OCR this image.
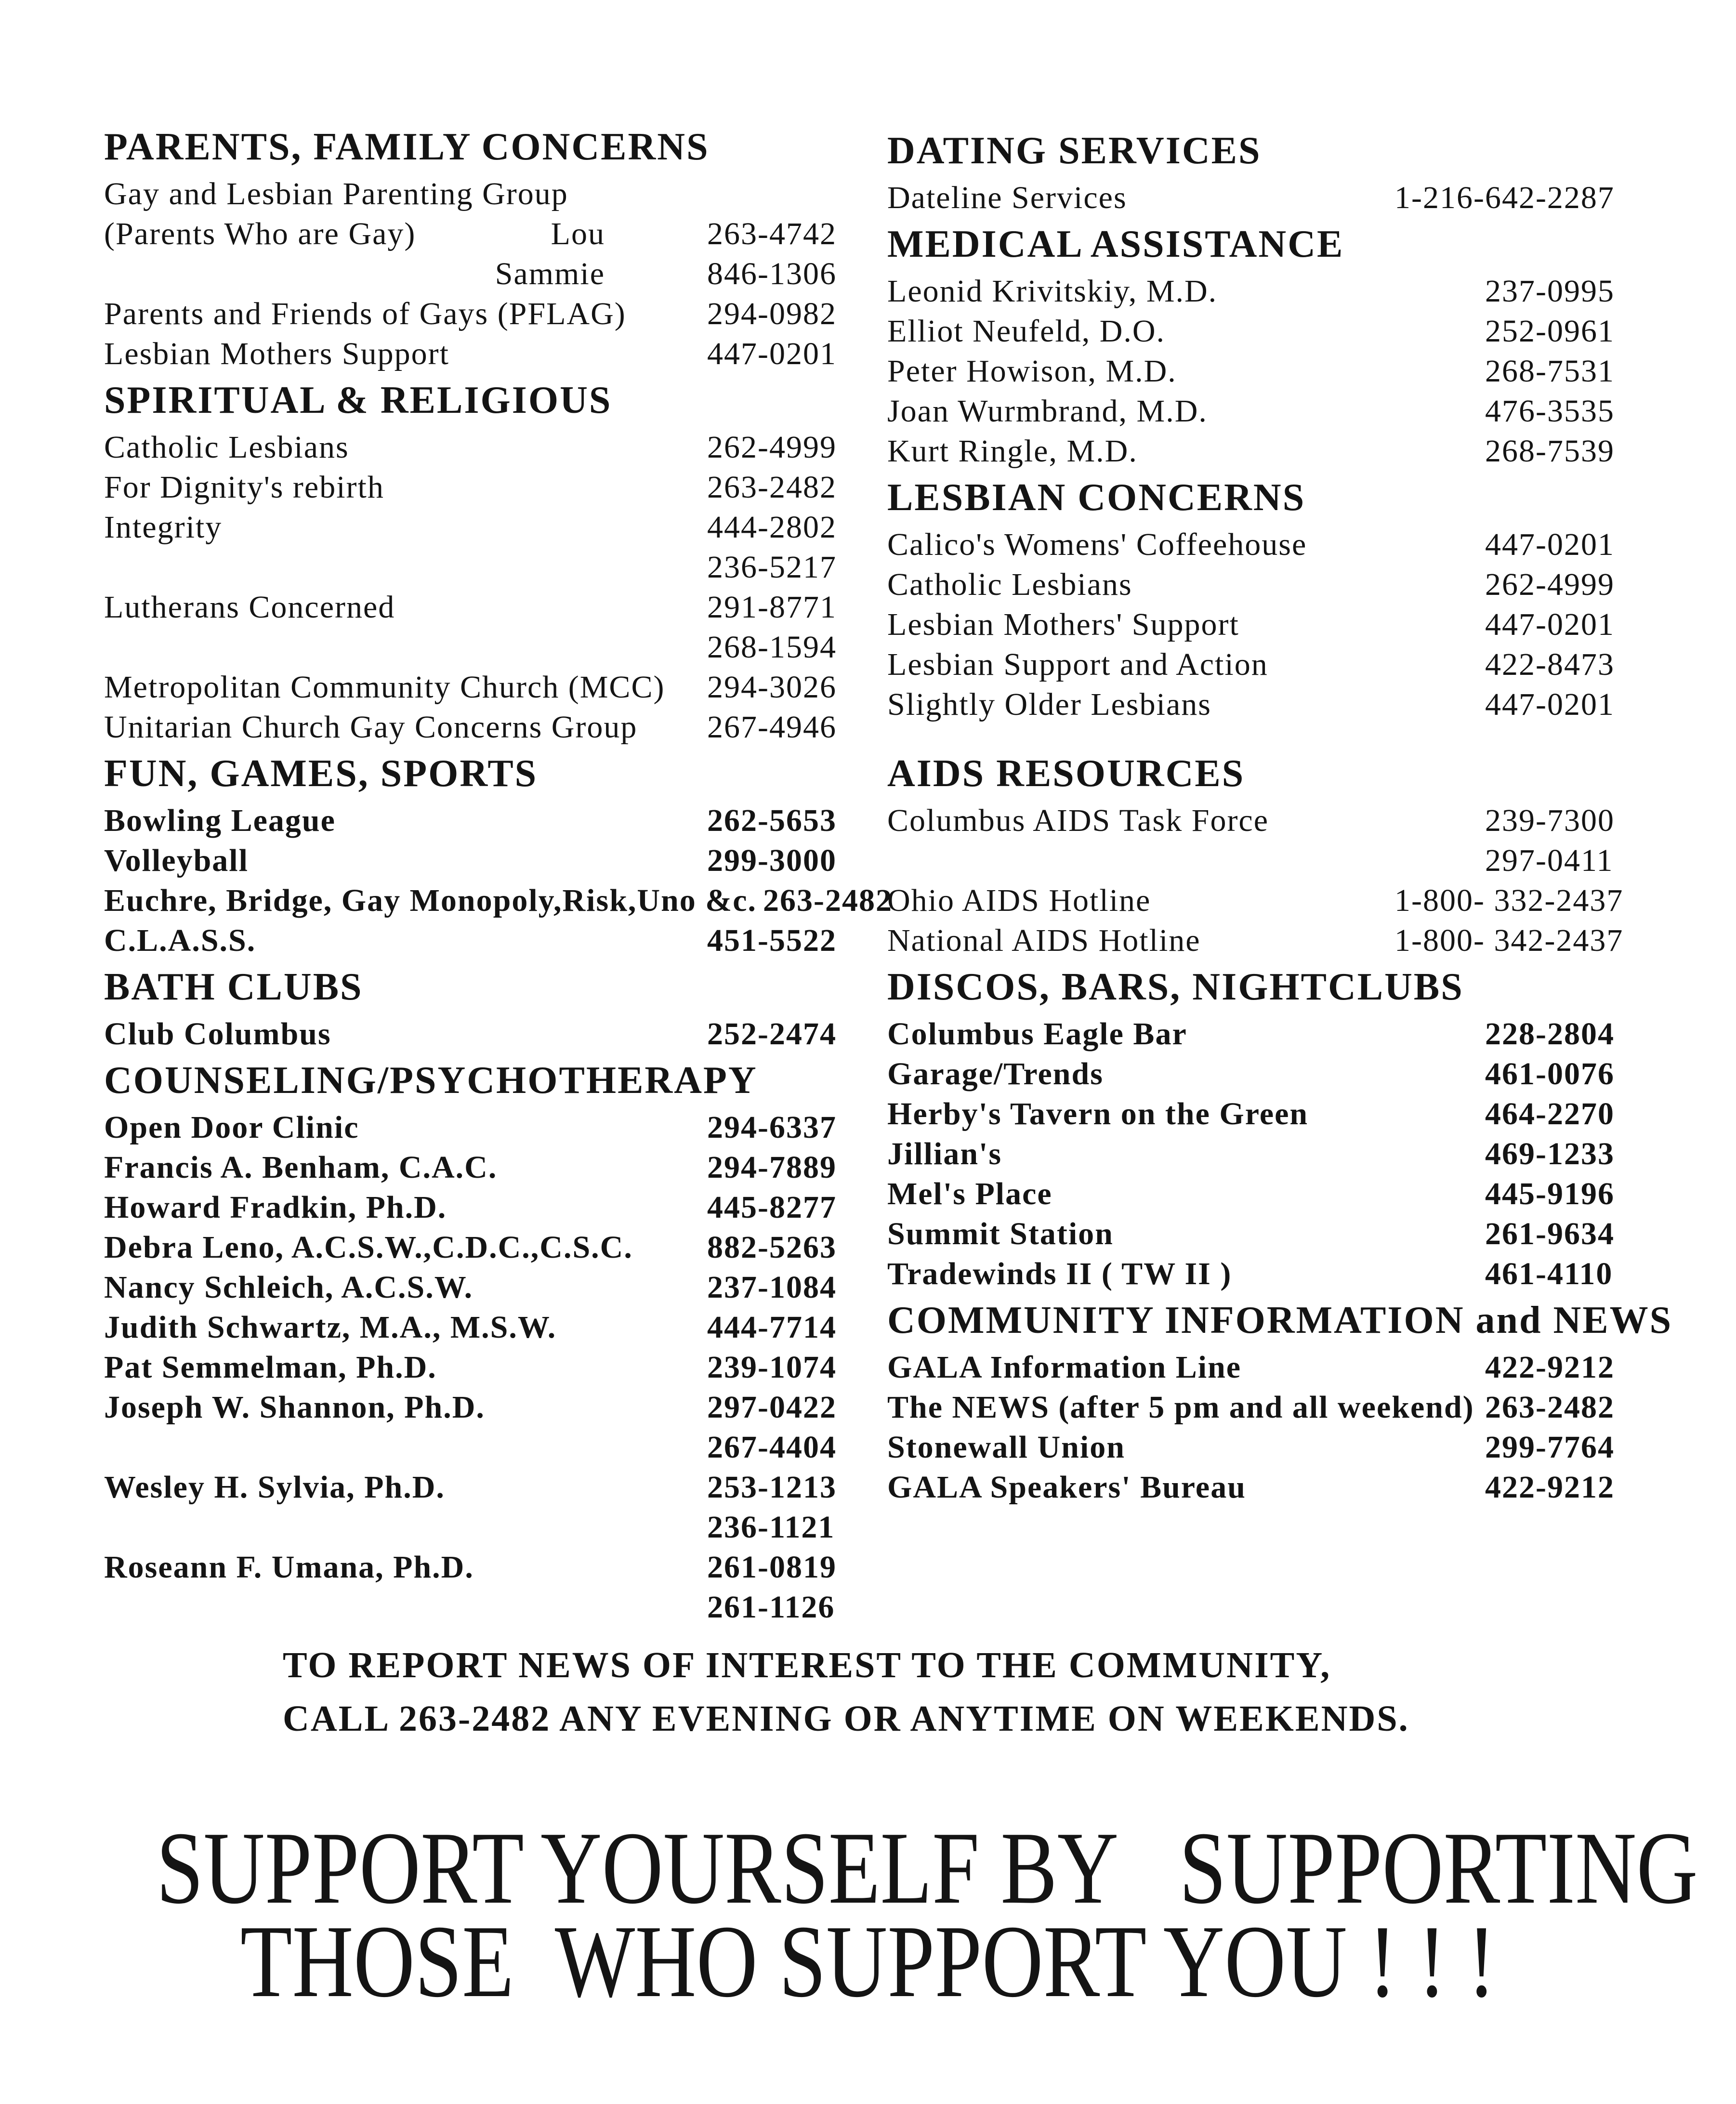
PARENTS, FAMILY CONCERNS
Gay and Lesbian Parenting Group
(Parents Who are Gay)	Lou	263-4742
Sammie	846-1306
Parents and Friends of Gays (PFLAG)	294-0982
Lesbian Mothers Support	447-0201
SPIRITUAL & RELIGIOUS
Catholic Lesbians	262-4999
For Dignity's rebirth	263-2482
Integrity	444-2802
236-5217
Lutherans Concerned	291-8771
268-1594
Metropolitan Community Church (MCC) 294-3026
Unitarian Church Gay Concerns Group 267-4946
FUN, GAMES, SPORTS
Bowling League	262-5653
Volleyball	299-3000
Euchre, Bridge, Gay Monopoly,Risk,Uno &c. 263-2482
C.L.A.S.S.	451-5522
BATH CLUBS
Club Columbus	252-2474
COUNSELING/PSYCHOTHERAPY
Open Door Clinic	294-6337
Francis A. Benham, C.A.C.	294-7889
Howard Fradkin, Ph.D.	445-8277
Debra Leno, A.C.S.W.,C.D.C.,C.S.C. 882-5263
Nancy Schleich, A.C.S.W.	237-1084
Judith Schwartz, M.A., M.S.W.	444-7714
Pat Semmelman, Ph.D.	239-1074
Joseph W. Shannon, Ph.D.	297-0422
267-4404
Wesley H. Sylvia, Ph.D.	253-1213
236-1121
Roseann F. Umana, Ph.D.	261-0819
261-1126
DATING SERVICES
Dateline Services	1-216-642-2287
MEDICAL ASSISTANCE
Leonid Krivitskiy, M.D.	237-0995
Elliot Neufeld, D.O.	252-0961
Peter Howison, M.D.	268-7531
Joan Wurmbrand, M.D.	476-3535
Kurt Ringle, M.D.	268-7539
LESBIAN CONCERNS
Calico's Womens' Coffeehouse	447-0201
Catholic Lesbians	262-4999
Lesbian Mothers' Support	447-0201
Lesbian Support and Action	422-8473
Slightly Older Lesbians	447-0201
AIDS RESOURCES
Columbus AIDS Task Force	239-7300
297-0411
Ohio AIDS Hotline	1-800- 332-2437
National AIDS Hotline	1-800- 342-2437
DISCOS, BARS, NIGHTCLUBS
Columbus Eagle Bar	228-2804
Garage/Trends	461-0076
Herby's Tavern on the Green	464-2270
Jillian's	469-1233
Mel's Place	445-9196
Summit Station	261-9634
Tradewinds II ( TW II )	461-4110
COMMUNITY INFORMATION and NEWS
GALA Information Line	422-9212
The NEWS (after 5 pm and all weekend) 263-2482
Stonewall Union	299-7764
GALA Speakers' Bureau	422-9212
TO REPORT NEWS OF INTEREST TO THE COMMUNITY,
CALL 263-2482 ANY EVENING OR ANYTIME ON WEEKENDS.
SUPPORT YOURSELF BY   SUPPORTING
THOSE  WHO SUPPORT YOU ! ! !
